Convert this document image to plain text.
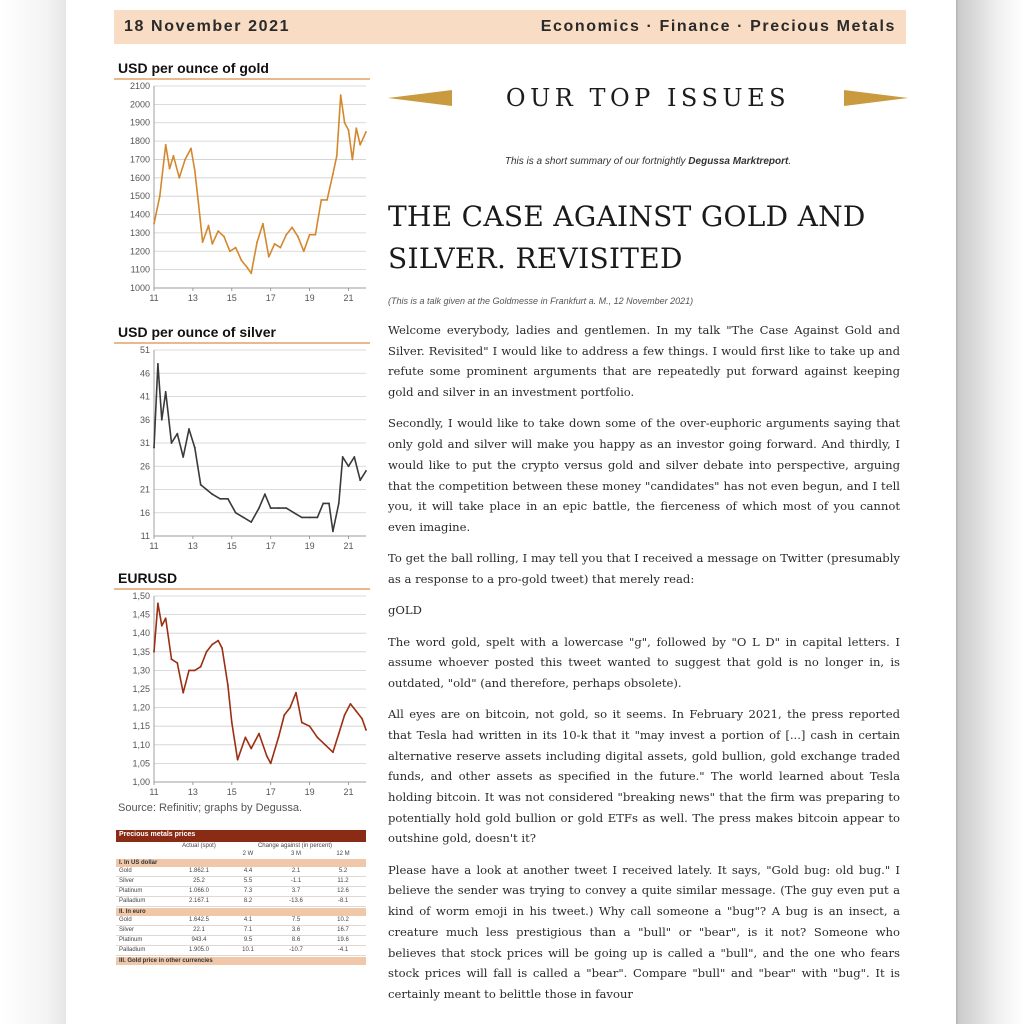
18 November 2021	Economics · Finance · Precious Metals
USD per ounce of gold
1000
1100
1200
1300
1400
1500
1600
1700
1800
1900
2000
2100
11	13	15	17	19	21
USD per ounce of silver
11
16
21
26
31
36
41
46
51
11	13	15	17	19	21
EURUSD
1,00
1,05
1,10
1,15
1,20
1,25
1,30
1,35
1,40
1,45
1,50
11	13	15	17	19	21
Source: Refinitiv; graphs by Degussa.
Precious metals prices
Actual (spot)	Change against (in percent)
2 W	3 M	12 M
I. In US dollar
Gold	1.862.1	4.4	2.1	5.2
Silver	25.2	5.5	-1.1	11.2
Platinum	1.066.0	7.3	3.7	12.6
Palladium	2.167.1	8.2	-13.6	-8.1
II. In euro
Gold	1.642.5	4.1	7.5	10.2
Silver	22.1	7.1	3.6	16.7
Platinum	943.4	9.5	8.6	19.6
Palladium	1.905.0	10.1	-10.7	-4.1
III. Gold price in other currencies
OUR TOP ISSUES
This is a short summary of our fortnightly Degussa Marktreport.
THE CASE AGAINST GOLD AND
SILVER. REVISITED
(This is a talk given at the Goldmesse in Frankfurt a. M., 12 November 2021)

Welcome everybody, ladies and gentlemen. In my talk "The Case Against Gold and Silver. Revisited" I would like to address a few things. I would first like to take up and refute some prominent arguments that are repeatedly put forward against keeping gold and silver in an investment portfolio.

Secondly, I would like to take down some of the over-euphoric arguments saying that only gold and silver will make you happy as an investor going forward. And thirdly, I would like to put the crypto versus gold and silver debate into perspective, arguing that the competition between these money "candidates" has not even begun, and I tell you, it will take place in an epic battle, the fierceness of which most of you cannot even imagine.

To get the ball rolling, I may tell you that I received a message on Twitter (presumably as a response to a pro-gold tweet) that merely read:

gOLD

The word gold, spelt with a lowercase "g", followed by "O L D" in capital letters. I assume whoever posted this tweet wanted to suggest that gold is no longer in, is outdated, "old" (and therefore, perhaps obsolete).

All eyes are on bitcoin, not gold, so it seems. In February 2021, the press reported that Tesla had written in its 10-k that it "may invest a portion of [...] cash in certain alternative reserve assets including digital assets, gold bullion, gold exchange traded funds, and other assets as specified in the future." The world learned about Tesla holding bitcoin. It was not considered "breaking news" that the firm was preparing to potentially hold gold bullion or gold ETFs as well. The press makes bitcoin appear to outshine gold, doesn't it?

Please have a look at another tweet I received lately. It says, "Gold bug: old bug." I believe the sender was trying to convey a quite similar message. (The guy even put a kind of worm emoji in his tweet.) Why call someone a "bug"? A bug is an insect, a creature much less prestigious than a "bull" or "bear", is it not? Someone who believes that stock prices will be going up is called a "bull", and the one who fears stock prices will fall is called a "bear". Compare "bull" and "bear" with "bug". It is certainly meant to belittle those in favour
